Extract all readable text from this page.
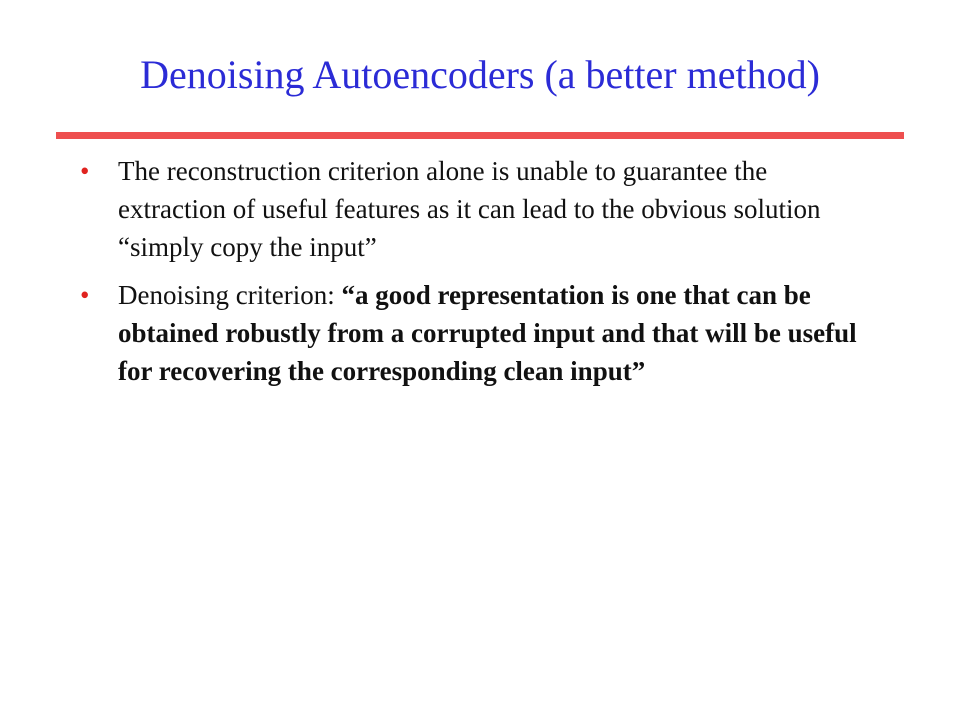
Denoising Autoencoders (a better method)
•	The reconstruction criterion alone is unable to guarantee the extraction of useful features as it can lead to the obvious solution “simply copy the input”
•	Denoising criterion: “a good representation is one that can be obtained robustly from a corrupted input and that will be useful for recovering the corresponding clean input”
